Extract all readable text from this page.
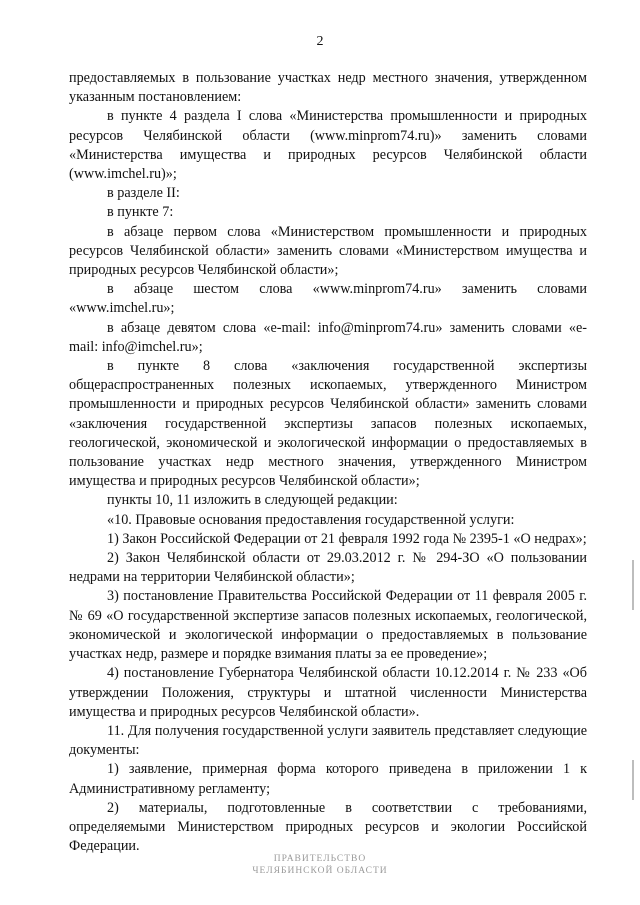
2

предоставляемых в пользование участках недр местного значения, утвержденном указанным постановлением:

в пункте 4 раздела I слова «Министерства промышленности и природных ресурсов Челябинской области (www.minprom74.ru)» заменить словами «Министерства имущества и природных ресурсов Челябинской области (www.imchel.ru)»;

в разделе II:

в пункте 7:

в абзаце первом слова «Министерством промышленности и природных ресурсов Челябинской области» заменить словами «Министерством имущества и природных ресурсов Челябинской области»;

в абзаце шестом слова «www.minprom74.ru» заменить словами «www.imchel.ru»;

в абзаце девятом слова «e-mail: info@minprom74.ru» заменить словами «e-mail: info@imchel.ru»;

в пункте 8 слова «заключения государственной экспертизы общераспространенных полезных ископаемых, утвержденного Министром промышленности и природных ресурсов Челябинской области» заменить словами «заключения государственной экспертизы запасов полезных ископаемых, геологической, экономической и экологической информации о предоставляемых в пользование участках недр местного значения, утвержденного Министром имущества и природных ресурсов Челябинской области»;

пункты 10, 11 изложить в следующей редакции:

«10. Правовые основания предоставления государственной услуги:

1) Закон Российской Федерации от 21 февраля 1992 года № 2395-1 «О недрах»;

2) Закон Челябинской области от 29.03.2012 г. № 294-ЗО «О пользовании недрами на территории Челябинской области»;

3) постановление Правительства Российской Федерации от 11 февраля 2005 г. № 69 «О государственной экспертизе запасов полезных ископаемых, геологической, экономической и экологической информации о предоставляемых в пользование участках недр, размере и порядке взимания платы за ее проведение»;

4) постановление Губернатора Челябинской области 10.12.2014 г. № 233 «Об утверждении Положения, структуры и штатной численности Министерства имущества и природных ресурсов Челябинской области».

11. Для получения государственной услуги заявитель представляет следующие документы:

1) заявление, примерная форма которого приведена в приложении 1 к Административному регламенту;

2) материалы, подготовленные в соответствии с требованиями, определяемыми Министерством природных ресурсов и экологии Российской Федерации.

ПРАВИТЕЛЬСТВО
ЧЕЛЯБИНСКОЙ ОБЛАСТИ
